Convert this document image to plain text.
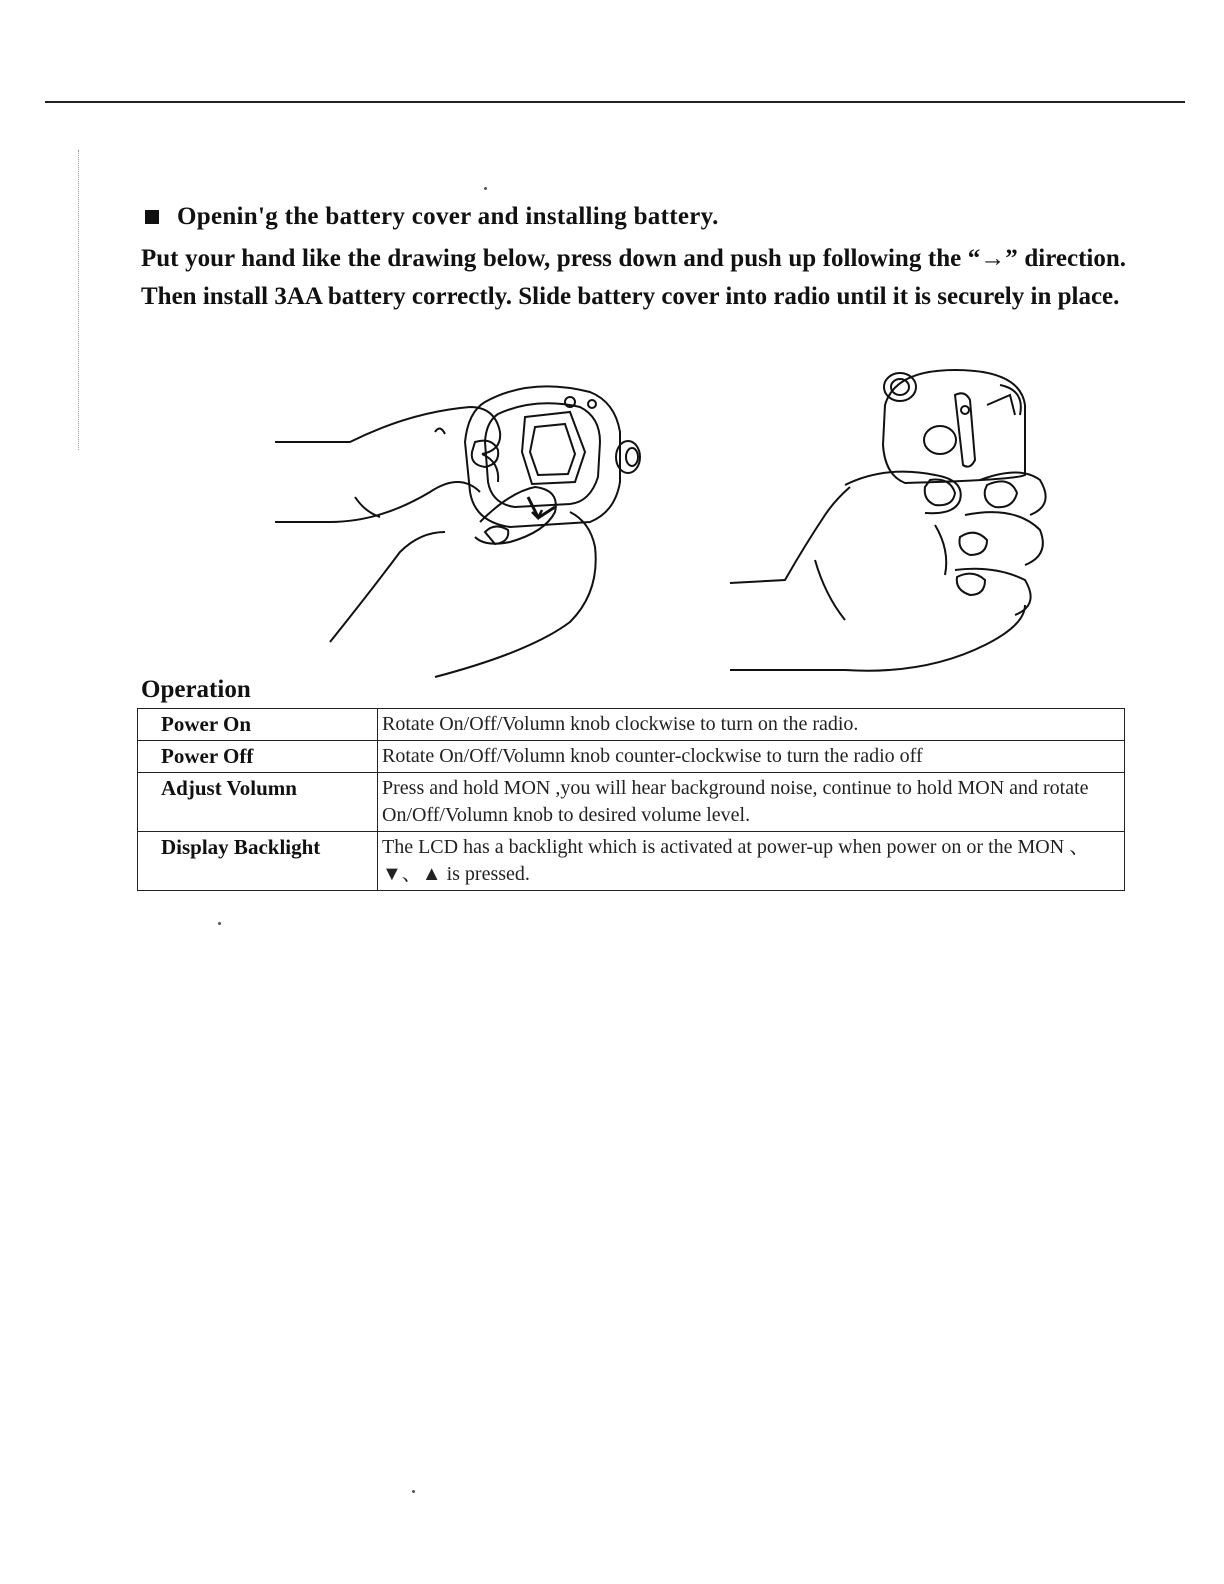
Openin'g the battery cover and installing battery.
Put your hand like the drawing below, press down and push up following the “→” direction. Then install 3AA battery correctly. Slide battery cover into radio until it is securely in place.
Operation
Power On	Rotate On/Off/Volumn knob clockwise to turn on the radio.
Power Off	Rotate On/Off/Volumn knob counter-clockwise to turn the radio off
Adjust Volumn	Press and hold MON ,you will hear background noise, continue to hold MON and rotate On/Off/Volumn knob to desired volume level.
Display Backlight	The LCD has a backlight which is activated at power-up when power on or the MON 、▼、▲ is pressed.
